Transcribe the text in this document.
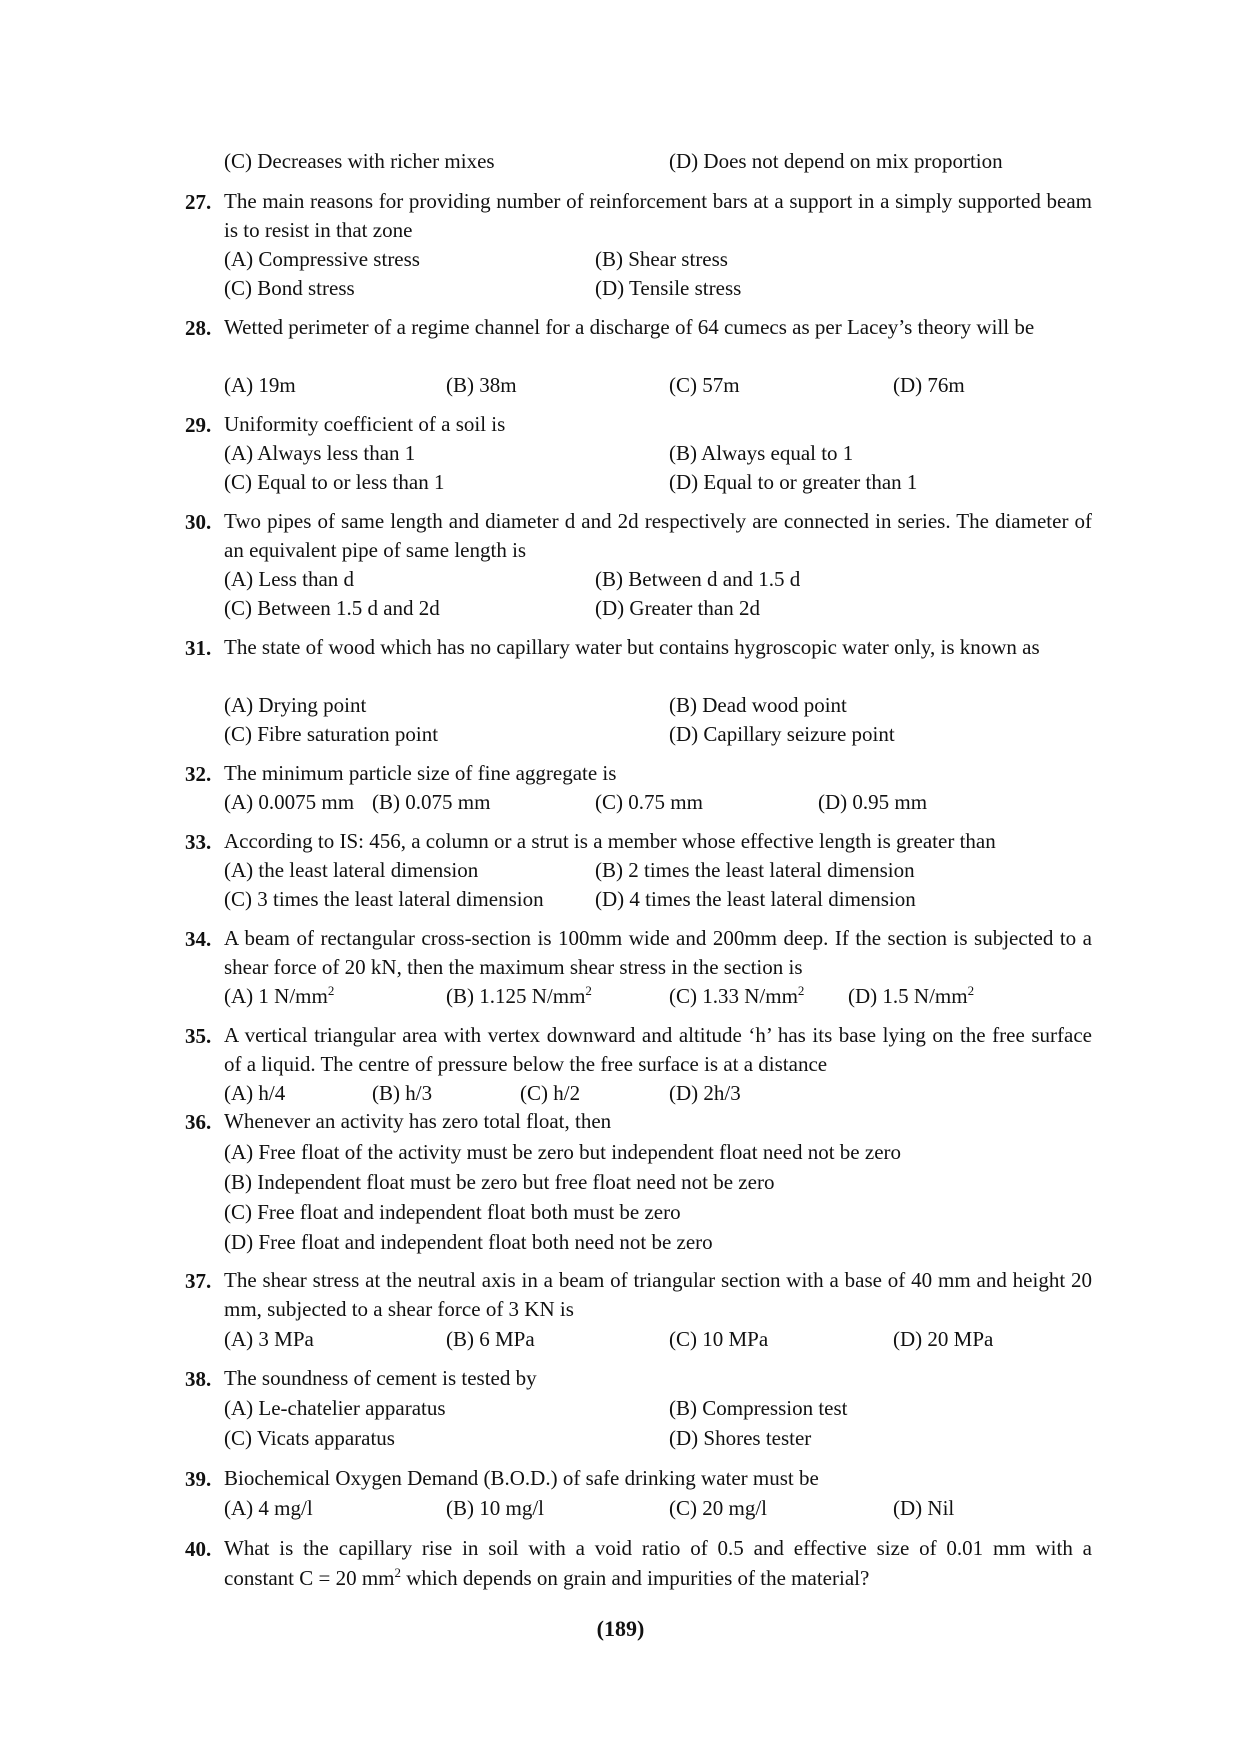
(C) Decreases with richer mixes	(D) Does not depend on mix proportion
27. The main reasons for providing number of reinforcement bars at a support in a simply supported beam is to resist in that zone
(A) Compressive stress	(B) Shear stress
(C) Bond stress	(D) Tensile stress
28. Wetted perimeter of a regime channel for a discharge of 64 cumecs as per Lacey’s theory will be
(A) 19m	(B) 38m	(C) 57m	(D) 76m
29. Uniformity coefficient of a soil is
(A) Always less than 1	(B) Always equal to 1
(C) Equal to or less than 1	(D) Equal to or greater than 1
30. Two pipes of same length and diameter d and 2d respectively are connected in series. The diameter of an equivalent pipe of same length is
(A) Less than d	(B) Between d and 1.5 d
(C) Between 1.5 d and 2d	(D) Greater than 2d
31. The state of wood which has no capillary water but contains hygroscopic water only, is known as
(A) Drying point	(B) Dead wood point
(C) Fibre saturation point	(D) Capillary seizure point
32. The minimum particle size of fine aggregate is
(A) 0.0075 mm (B) 0.075 mm	(C) 0.75 mm	(D) 0.95 mm
33. According to IS: 456, a column or a strut is a member whose effective length is greater than
(A) the least lateral dimension	(B) 2 times the least lateral dimension
(C) 3 times the least lateral dimension (D) 4 times the least lateral dimension
34. A beam of rectangular cross-section is 100mm wide and 200mm deep. If the section is subjected to a shear force of 20 kN, then the maximum shear stress in the section is
(A) 1 $N/mm^2$	(B) 1.125 $N/mm^2$	(C) 1.33 $N/mm^2$ (D) 1.5 $N/mm^2$
35. A vertical triangular area with vertex downward and altitude ‘h’ has its base lying on the free surface of a liquid. The centre of pressure below the free surface is at a distance
(A) h/4	(B) h/3	(C) h/2	(D) 2h/3
36. Whenever an activity has zero total float, then
(A) Free float of the activity must be zero but independent float need not be zero
(B) Independent float must be zero but free float need not be zero
(C) Free float and independent float both must be zero
(D) Free float and independent float both need not be zero
37. The shear stress at the neutral axis in a beam of triangular section with a base of 40 mm and height 20 mm, subjected to a shear force of 3 KN is
(A) 3 MPa	(B) 6 MPa	(C) 10 MPa	(D) 20 MPa
38. The soundness of cement is tested by
(A) Le-chatelier apparatus	(B) Compression test
(C) Vicats apparatus	(D) Shores tester
39. Biochemical Oxygen Demand (B.O.D.) of safe drinking water must be
(A) 4 mg/l	(B) 10 mg/l	(C) 20 mg/l	(D) Nil
40. What is the capillary rise in soil with a void ratio of 0.5 and effective size of 0.01 mm with a
constant C = 20 $mm^2$ which depends on grain and impurities of the material?
(189)
